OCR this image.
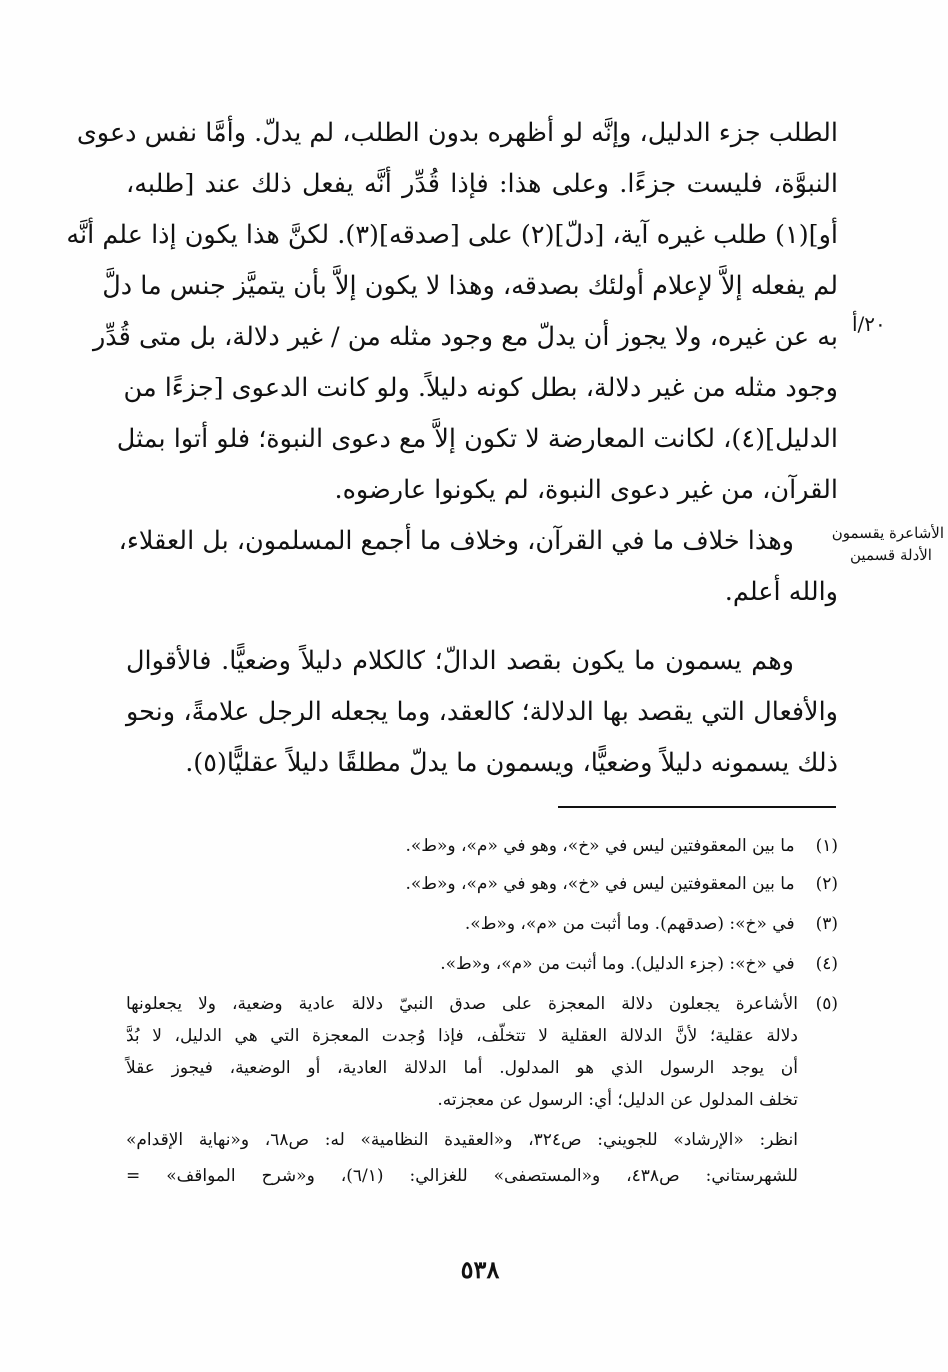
الطلب جزء الدليل، وإنَّه لو أظهره بدون الطلب، لم يدلّ. وأمَّا نفس دعوى
النبوَّة، فليست جزءًا. وعلى هذا: فإذا قُدِّر أنَّه يفعل ذلك عند [طلبه،
أو](١) طلب غيره آية، [دلّ](٢) على [صدقه](٣). لكنَّ هذا يكون إذا علم أنَّه
لم يفعله إلاَّ لإعلام أولئك بصدقه، وهذا لا يكون إلاَّ بأن يتميَّز جنس ما دلَّ
به عن غيره، ولا يجوز أن يدلّ مع وجود مثله من / غير دلالة، بل متى قُدِّر
وجود مثله من غير دلالة، بطل كونه دليلاً. ولو كانت الدعوى [جزءًا من
الدليل](٤)، لكانت المعارضة لا تكون إلاَّ مع دعوى النبوة؛ فلو أتوا بمثل
القرآن، من غير دعوى النبوة، لم يكونوا عارضوه.
وهذا خلاف ما في القرآن، وخلاف ما أجمع المسلمون، بل العقلاء،
والله أعلم.
وهم يسمون ما يكون بقصد الدالّ؛ كالكلام دليلاً وضعيًّا. فالأقوال
والأفعال التي يقصد بها الدلالة؛ كالعقد، وما يجعله الرجل علامةً، ونحو
ذلك يسمونه دليلاً وضعيًّا، ويسمون ما يدلّ مطلقًا دليلاً عقليًّا(٥).
٢٠/أ
الأشاعرة يقسمون
الأدلة قسمين
(١) ما بين المعقوفتين ليس في «خ»، وهو في «م»، و«ط».
(٢) ما بين المعقوفتين ليس في «خ»، وهو في «م»، و«ط».
(٣) في «خ»: (صدقهم). وما أثبت من «م»، و«ط».
(٤) في «خ»: (جزء الدليل). وما أثبت من «م»، و«ط».
(٥)
الأشاعرة يجعلون دلالة المعجزة على صدق النبيّ دلالة عادية وضعية، ولا يجعلونها
دلالة عقلية؛ لأنَّ الدلالة العقلية لا تتخلّف، فإذا وُجدت المعجزة التي هي الدليل، لا بُدَّ
أن يوجد الرسول الذي هو المدلول. أما الدلالة العادية، أو الوضعية، فيجوز عقلاً
تخلف المدلول عن الدليل؛ أي: الرسول عن معجزته.
انظر: «الإرشاد» للجويني: ص٣٢٤، و«العقيدة النظامية» له: ص٦٨، و«نهاية الإقدام»
للشهرستاني: ص٤٣٨، و«المستصفى» للغزالي: (٦/١)، و«شرح المواقف» =
٥٣٨
